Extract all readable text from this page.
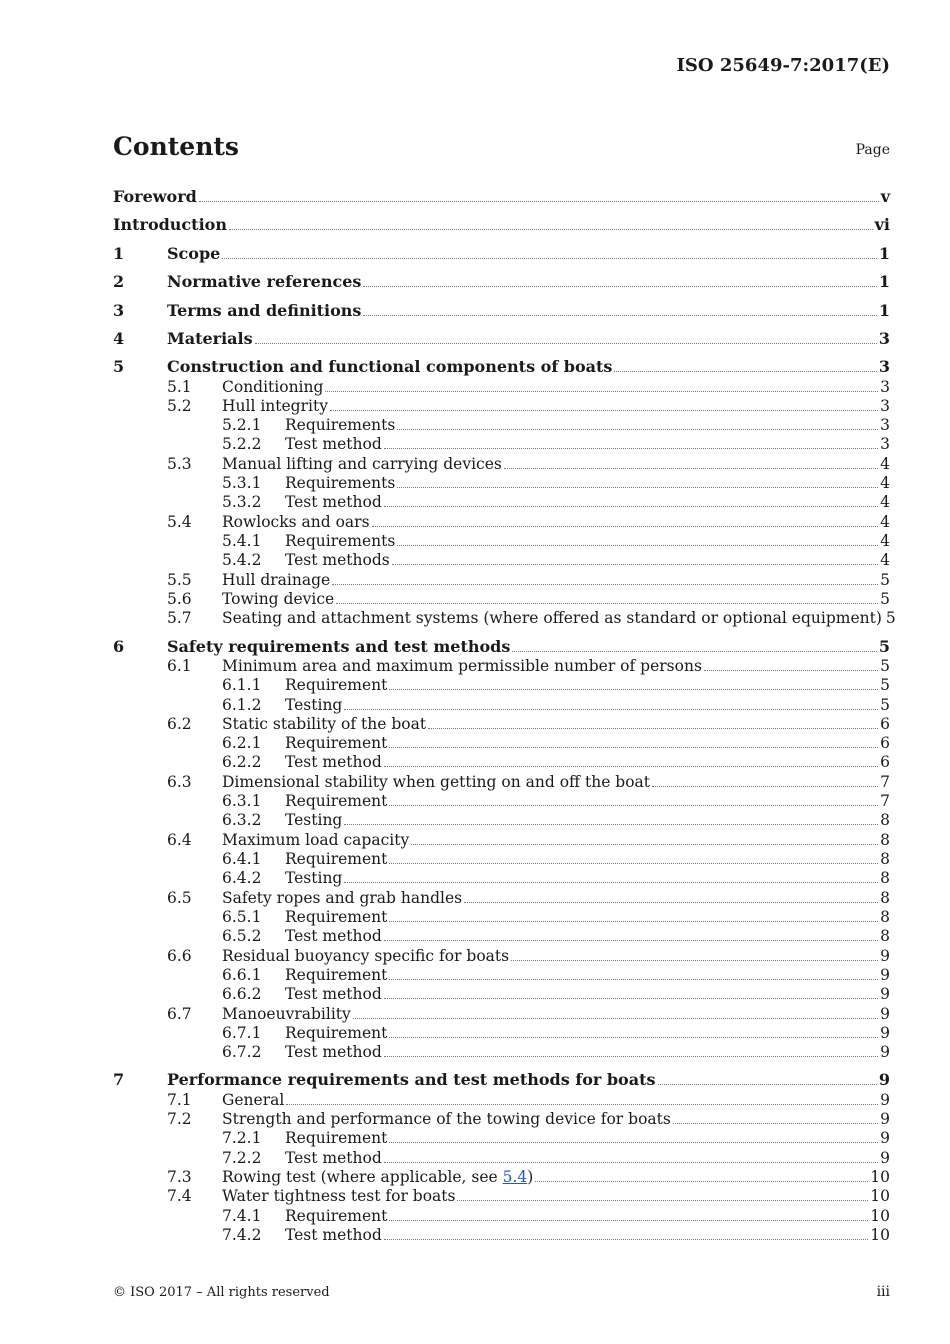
ISO 25649-7:2017(E)
Contents	Page
Foreword	v
Introduction	vi
1	Scope	1
2	Normative references	1
3	Terms and definitions	1
4	Materials	3
5	Construction and functional components of boats	3
5.1	Conditioning	3
5.2	Hull integrity	3
5.2.1	Requirements	3
5.2.2	Test method	3
5.3	Manual lifting and carrying devices	4
5.3.1	Requirements	4
5.3.2	Test method	4
5.4	Rowlocks and oars	4
5.4.1	Requirements	4
5.4.2	Test methods	4
5.5	Hull drainage	5
5.6	Towing device	5
5.7	Seating and attachment systems (where offered as standard or optional equipment) 5
6	Safety requirements and test methods	5
6.1	Minimum area and maximum permissible number of persons	5
6.1.1	Requirement	5
6.1.2	Testing	5
6.2	Static stability of the boat	6
6.2.1	Requirement	6
6.2.2	Test method	6
6.3	Dimensional stability when getting on and off the boat	7
6.3.1	Requirement	7
6.3.2	Testing	8
6.4	Maximum load capacity	8
6.4.1	Requirement	8
6.4.2	Testing	8
6.5	Safety ropes and grab handles	8
6.5.1	Requirement	8
6.5.2	Test method	8
6.6	Residual buoyancy specific for boats	9
6.6.1	Requirement	9
6.6.2	Test method	9
6.7	Manoeuvrability	9
6.7.1	Requirement	9
6.7.2	Test method	9
7	Performance requirements and test methods for boats	9
7.1	General	9
7.2	Strength and performance of the towing device for boats	9
7.2.1	Requirement	9
7.2.2	Test method	9
7.3	Rowing test (where applicable, see 5.4)	10
7.4	Water tightness test for boats	10
7.4.1	Requirement	10
7.4.2	Test method	10
© ISO 2017 – All rights reserved	iii
